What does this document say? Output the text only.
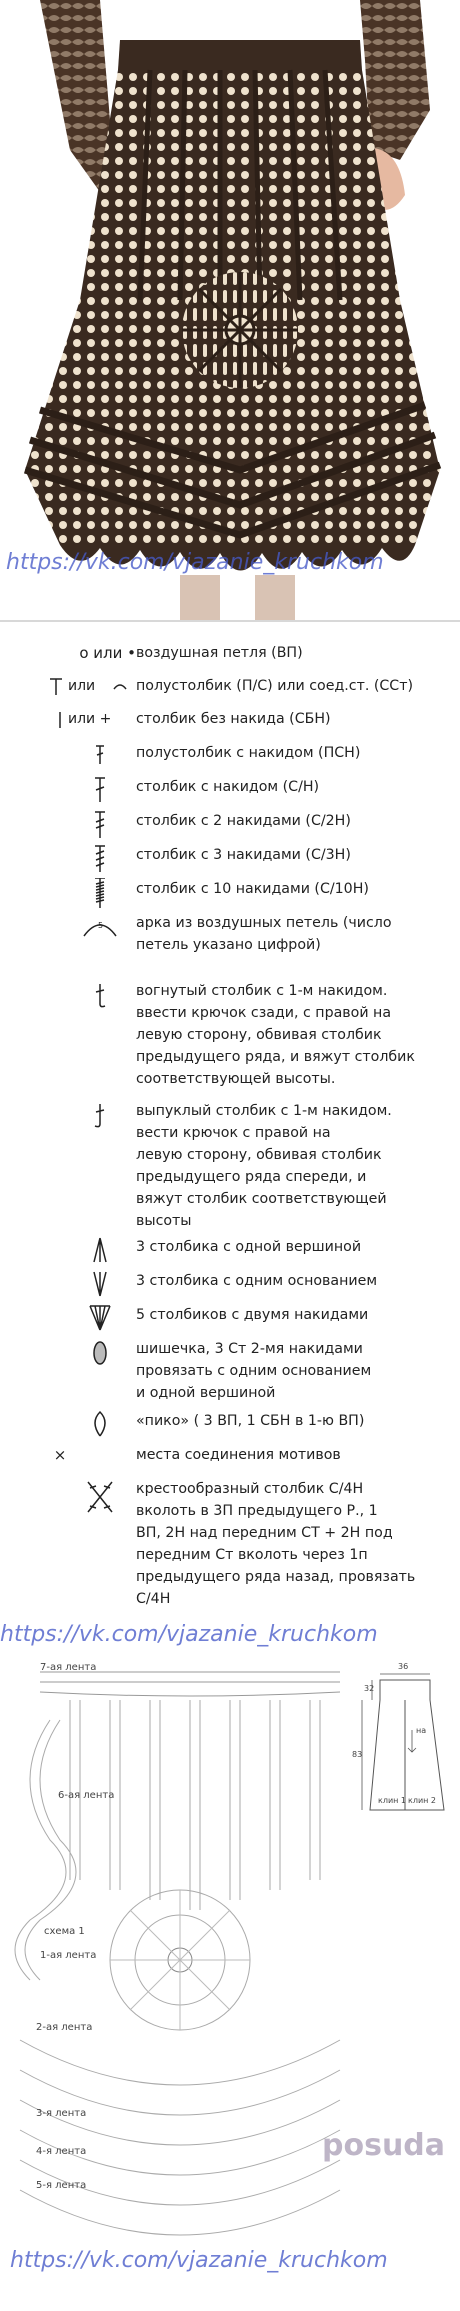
https://vk.com/vjazanie_kruchkom
o или • воздушная петля (ВП)
или	полустолбик (П/С) или соед.ст. (ССт)
или + столбик без накида (СБН)
полустолбик с накидом (ПСН)
столбик с накидом (С/Н)
столбик с 2 накидами (С/2Н)
столбик с 3 накидами (С/3Н)
столбик с 10 накидами (С/10Н)
5 арка из воздушных петель (число
петель указано цифрой)
вогнутый столбик с 1-м накидом.
ввести крючок сзади, с правой на
левую сторону, обвивая столбик
предыдущего ряда, и вяжут столбик
соответствующей высоты.
выпуклый столбик с 1-м накидом.
вести крючок с правой на
левую сторону, обвивая столбик
предыдущего ряда спереди, и
вяжут столбик соответствующей
высоты
3 столбика с одной вершиной
3 столбика с одним основанием
5 столбиков с двумя накидами
шишечка, 3 Ст 2-мя накидами
провязать с одним основанием
и одной вершиной
«пико» ( 3 ВП, 1 СБН в 1-ю ВП)
×	места соединения мотивов
крестообразный столбик С/4Н
вколоть в 3П предыдущего Р., 1
ВП, 2Н над передним СТ + 2Н под
передним Ст вколоть через 1п
предыдущего ряда назад, провязать
С/4Н
https://vk.com/vjazanie_kruchkom
7-ая лента
6-ая лента
схема 1
1-ая лента
2-ая лента
3-я лента
4-я лента
5-я лента
36
32
83
клин 1 клин 2
на
posuda
https://vk.com/vjazanie_kruchkom
